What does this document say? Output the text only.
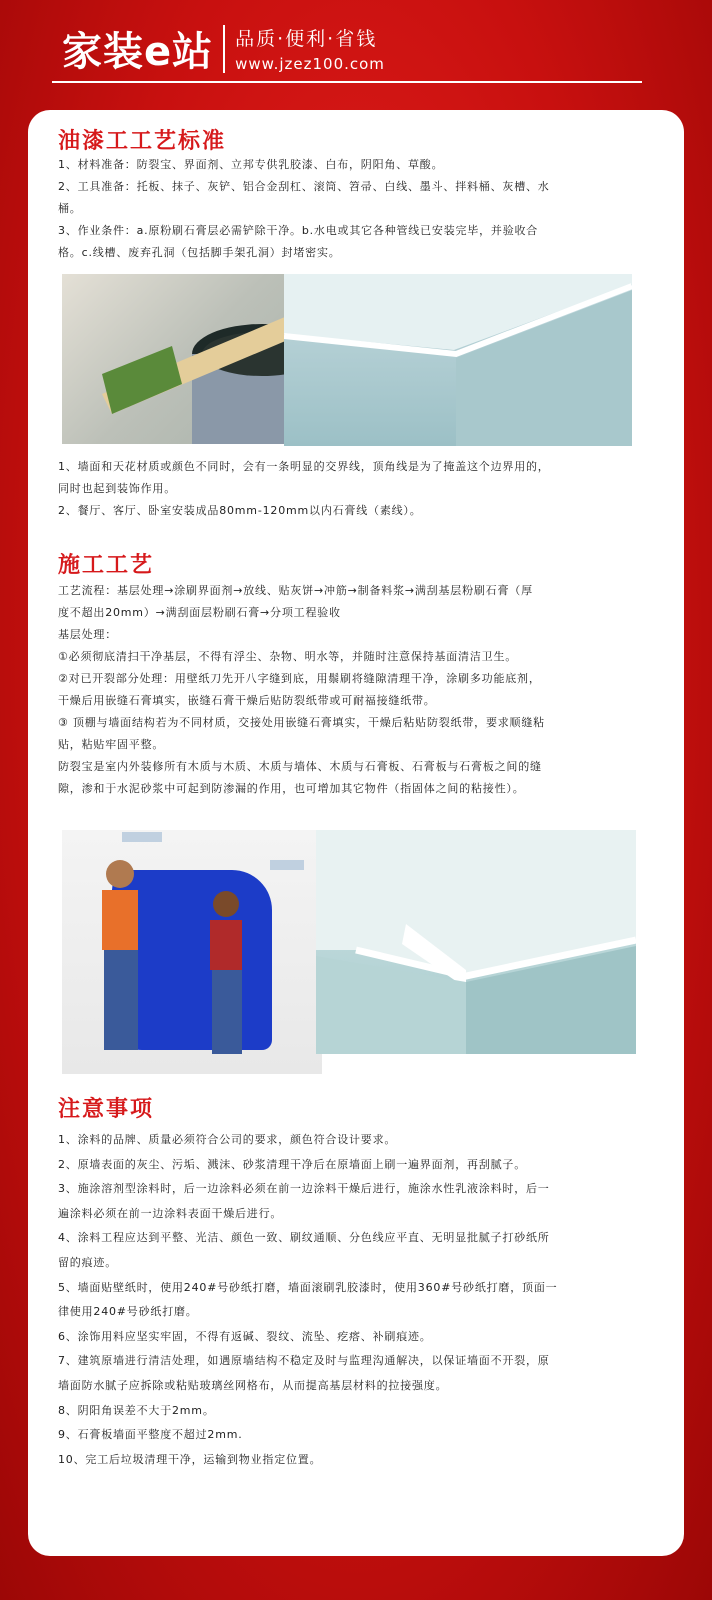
家装e站 品质·便利·省钱
www.jzez100.com
油漆工工艺标准
1、材料准备：防裂宝、界面剂、立邦专供乳胶漆、白布，阴阳角、草酸。
2、工具准备：托板、抹子、灰铲、铝合金刮杠、滚筒、笤帚、白线、墨斗、拌料桶、灰槽、水
桶。
3、作业条件：a.原粉刷石膏层必需铲除干净。b.水电或其它各种管线已安装完毕，并验收合
格。c.线槽、废弃孔洞（包括脚手架孔洞）封堵密实。
1、墙面和天花材质或颜色不同时，会有一条明显的交界线，顶角线是为了掩盖这个边界用的，
同时也起到装饰作用。
2、餐厅、客厅、卧室安装成品80mm-120mm以内石膏线（素线）。
施工工艺
工艺流程：基层处理→涂刷界面剂→放线、贴灰饼→冲筋→制备料浆→满刮基层粉刷石膏（厚
度不超出20mm）→满刮面层粉刷石膏→分项工程验收
基层处理：
①必须彻底清扫干净基层，不得有浮尘、杂物、明水等，并随时注意保持基面清洁卫生。
②对已开裂部分处理：用壁纸刀先开八字缝到底，用鬃刷将缝隙清理干净，涂刷多功能底剂，
干燥后用嵌缝石膏填实，嵌缝石膏干燥后贴防裂纸带或可耐福接缝纸带。
③ 顶棚与墙面结构若为不同材质，交接处用嵌缝石膏填实，干燥后粘贴防裂纸带，要求顺缝粘
贴，粘贴牢固平整。
防裂宝是室内外装修所有木质与木质、木质与墙体、木质与石膏板、石膏板与石膏板之间的缝
隙，渗和于水泥砂浆中可起到防渗漏的作用，也可增加其它物件（指固体之间的粘接性）。
注意事项
1、涂料的品牌、质量必须符合公司的要求，颜色符合设计要求。
2、原墙表面的灰尘、污垢、溅沫、砂浆清理干净后在原墙面上刷一遍界面剂，再刮腻子。
3、施涂溶剂型涂料时，后一边涂料必须在前一边涂料干燥后进行，施涂水性乳液涂料时，后一
遍涂料必须在前一边涂料表面干燥后进行。
4、涂料工程应达到平整、光洁、颜色一致、刷纹通顺、分色线应平直、无明显批腻子打砂纸所
留的痕迹。
5、墙面贴壁纸时，使用240#号砂纸打磨，墙面滚刷乳胶漆时，使用360#号砂纸打磨，顶面一
律使用240#号砂纸打磨。
6、涂饰用料应坚实牢固，不得有返碱、裂纹、流坠、疙瘩、补刷痕迹。
7、建筑原墙进行清洁处理，如遇原墙结构不稳定及时与监理沟通解决，以保证墙面不开裂，原
墙面防水腻子应拆除或粘贴玻璃丝网格布，从而提高基层材料的拉接强度。
8、阴阳角误差不大于2mm。
9、石膏板墙面平整度不超过2mm.
10、完工后垃圾清理干净，运输到物业指定位置。
